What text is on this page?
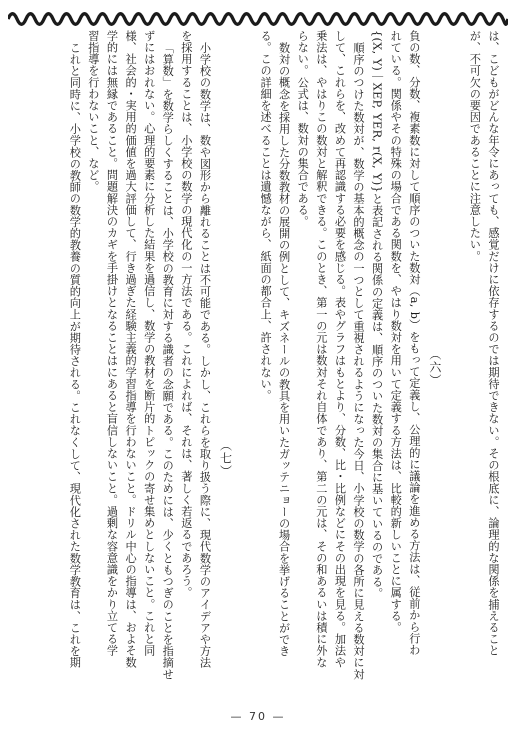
は、こどもがどんな年令にあっても、感覚だけに依存するのでは期待できない。その根底に、論理的な関係を捕えること
が、不可欠の要因であることに注意したい。
（六）
負の数、分数、複素数に対して順序のついた数対（a, b）をもって定義し、公理的に議論を進める方法は、従前から行わ
れている。関係やその特殊の場合である関数を、やはり数対を用いて定義する方法は、比較的新しいことに属する。
{(X, Y)｜XEP, YER, r(X, Y)}と表記される関係の定義は、順序のついた数対の集合に基いているのである。
順序のつけた数対が、数学の基本的概念の一つとして重視されるようになった今日、小学校の数学の各所に見える数対に対
して、これらを、改めて再認識する必要を感じる。表やグラフはもとより、分数、比・比例などにその出現を見る。加法や
乗法は、やはりこの数対と解釈できる。このとき、第一の元は数対それ自体であり、第二の元は、その和あるいは積に外な
らない。公式は、数対の集合である。
数対の概念を採用した分数教材の展開の例として、キズネールの教具を用いたガッテニョーの場合を挙げることができ
る。この詳細を述べることは遺憾ながら、紙面の都合上、許されない。
（七）
小学校の数学は、数や図形から離れることは不可能である。しかし、これらを取り扱う際に、現代数学のアイデアや方法
を採用することは、小学校の数学の現代化の一方法である。これによれば、それは、著しく若返るであろう。
「算数」を数学らしくすることは、小学校の教育に対する識者の念願である。このためには、少くともつぎのことを指摘せ
ずにはおれない。心理的要素に分析した結果を過信し、数学の教材を断片的トピックの寄せ集めとしないこと。これと同
様、社会的・実用的価値を過大評価して、行き過ぎた経験主義的学習指導を行わないこと。ドリル中心の指導は、およそ数
学的には無縁であること。問題解決のカギを手掛けとなることはにあると盲信しないこと。過剰な容意識をかり立てる学
習指導を行わないこと、など。
これと同時に、小学校の教師の数学的教養の質的向上が期待される。これなくして、現代化された数学教育は、これを期
— 70 —
